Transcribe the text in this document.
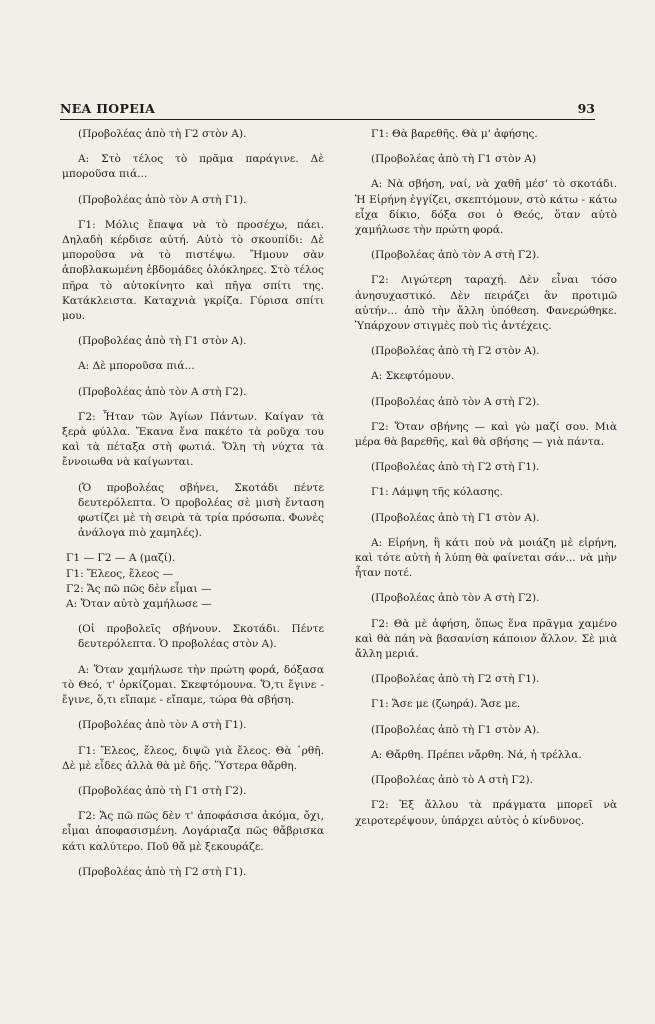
ΝΕΑ ΠΟΡΕΙΑ	93

(Προβολέας ἀπὸ τὴ Γ2 στὸν Α).

Α: Στὸ τέλος τὸ πρᾶμα παράγινε. Δὲ μποροῦσα πιά...

(Προβολέας ἀπὸ τὸν Α στὴ Γ1).

Γ1: Μόλις ἔπαψα νὰ τὸ προσέχω, πάει. Δηλαδὴ κέρδισε αὐτή. Αὐτὸ τὸ σκουπίδι: Δὲ μποροῦσα νὰ τὸ πιστέψω. Ἤμουν σὰν ἀποβλακωμένη ἑβδομάδες ὁλόκληρες. Στὸ τέλος πῆρα τὸ αὐτοκίνητο καὶ πῆγα σπίτι της. Κατάκλειστα. Καταχνιὰ γκρίζα. Γύρισα σπίτι μου.

(Προβολέας ἀπὸ τὴ Γ1 στὸν Α).

Α: Δὲ μποροῦσα πιά...

(Προβολέας ἀπὸ τὸν Α στὴ Γ2).

Γ2: Ἦταν τῶν Ἁγίων Πάντων. Καίγαν τὰ ξερὰ φύλλα. Ἔκανα ἕνα πακέτο τὰ ροῦχα του καὶ τὰ πέταξα στὴ φωτιά. Ὅλη τὴ νύχτα τὰ ἔννοιωθα νὰ καίγωνται.

(Ὁ προβολέας σβήνει, Σκοτάδι πέντε δευτερόλεπτα. Ὁ προβολέας σὲ μισὴ ἔνταση φωτίζει μὲ τὴ σειρὰ τὰ τρία πρόσωπα. Φωνὲς ἀνάλογα πιὸ χαμηλές).

Γ1 — Γ2 — Α (μαζί).

Γ1: Ἔλεος, ἔλεος —

Γ2: Ἄς πῶ πῶς δὲν εἶμαι —

Α: Ὅταν αὐτὸ χαμήλωσε —

(Οἱ προβολεῖς σβήνουν. Σκοτάδι. Πέντε δευτερόλεπτα. Ὁ προβολέας στὸν Α).

Α: Ὅταν χαμήλωσε τὴν πρώτη φορά, δόξασα τὸ Θεό, τ' ὁρκίζομαι. Σκεφτόμουνα. Ὅ,τι ἔγινε - ἔγινε, ὅ,τι εἴπαμε - εἴπαμε, τώρα θὰ σβήση.

(Προβολέας ἀπὸ τὸν Α στὴ Γ1).

Γ1: Ἔλεος, ἔλεος, διψῶ γιὰ ἔλεος. Θὰ ᾽ρθῆ. Δὲ μὲ εἶδες ἀλλὰ θὰ μὲ δῆς. Ὕστερα θἄρθη.

(Προβολέας ἀπὸ τὴ Γ1 στὴ Γ2).

Γ2: Ἄς πῶ πῶς δὲν τ' ἀποφάσισα ἀκόμα, ὄχι, εἶμαι ἀποφασισμένη. Λογάριαζα πῶς θἄβρισκα κάτι καλύτερο. Ποῦ θἄ μὲ ξεκουράζε.

(Προβολέας ἀπὸ τὴ Γ2 στὴ Γ1).

Γ1: Θὰ βαρεθῆς. Θὰ μ' ἀφήσης.

(Προβολέας ἀπὸ τὴ Γ1 στὸν Α)

Α: Νὰ σβήση, ναί, νὰ χαθῆ μέσ' τὸ σκοτάδι. Ἡ Εἰρήνη ἐγγίζει, σκεπτόμουν, στὸ κάτω - κάτω εἶχα δίκιο, δόξα σοι ὁ Θεός, ὅταν αὐτὸ χαμήλωσε τὴν πρώτη φορά.

(Προβολέας ἀπὸ τὸν Α στὴ Γ2).

Γ2: Λιγώτερη ταραχή. Δὲν εἶναι τόσο ἀνησυχαστικό. Δὲν πειράζει ἂν προτιμῶ αὐτήν... ἀπὸ τὴν ἄλλη ὑπόθεση. Φανερώθηκε. Ὑπάρχουν στιγμὲς ποὺ τὶς ἀντέχεις.

(Προβολέας ἀπὸ τὴ Γ2 στὸν Α).

Α: Σκεφτόμουν.

(Προβολέας ἀπὸ τὸν Α στὴ Γ2).

Γ2: Ὅταν σβήνης — καὶ γὼ μαζί σου. Μιὰ μέρα θὰ βαρεθῆς, καὶ θὰ σβήσης — γιὰ πάντα.

(Προβολέας ἀπὸ τὴ Γ2 στὴ Γ1).

Γ1: Λάμψη τῆς κόλασης.

(Προβολέας ἀπὸ τὴ Γ1 στὸν Α).

Α: Εἰρήνη, ἢ κάτι ποὺ νὰ μοιάζη μὲ εἰρήνη, καὶ τότε αὐτὴ ἡ λύπη θὰ φαίνεται σάν... νὰ μὴν ἦταν ποτέ.

(Προβολέας ἀπὸ τὸν Α στὴ Γ2).

Γ2: Θὰ μὲ ἀφήση, ὅπως ἕνα πρᾶγμα χαμένο καὶ θὰ πάη νὰ βασανίση κάποιον ἄλλον. Σὲ μιὰ ἄλλη μεριά.

(Προβολέας ἀπὸ τὴ Γ2 στὴ Γ1).

Γ1: Ἄσε με (ζωηρά). Ἄσε με.

(Προβολέας ἀπὸ τὴ Γ1 στὸν Α).

Α: Θἄρθη. Πρέπει νἄρθη. Νά, ἡ τρέλλα.

(Προβολέας ἀπὸ τὸ Α στὴ Γ2).

Γ2: Ἐξ ἄλλου τὰ πράγματα μπορεῖ νὰ χειροτερέψουν, ὑπάρχει αὐτὸς ὁ κίνδυνος.
